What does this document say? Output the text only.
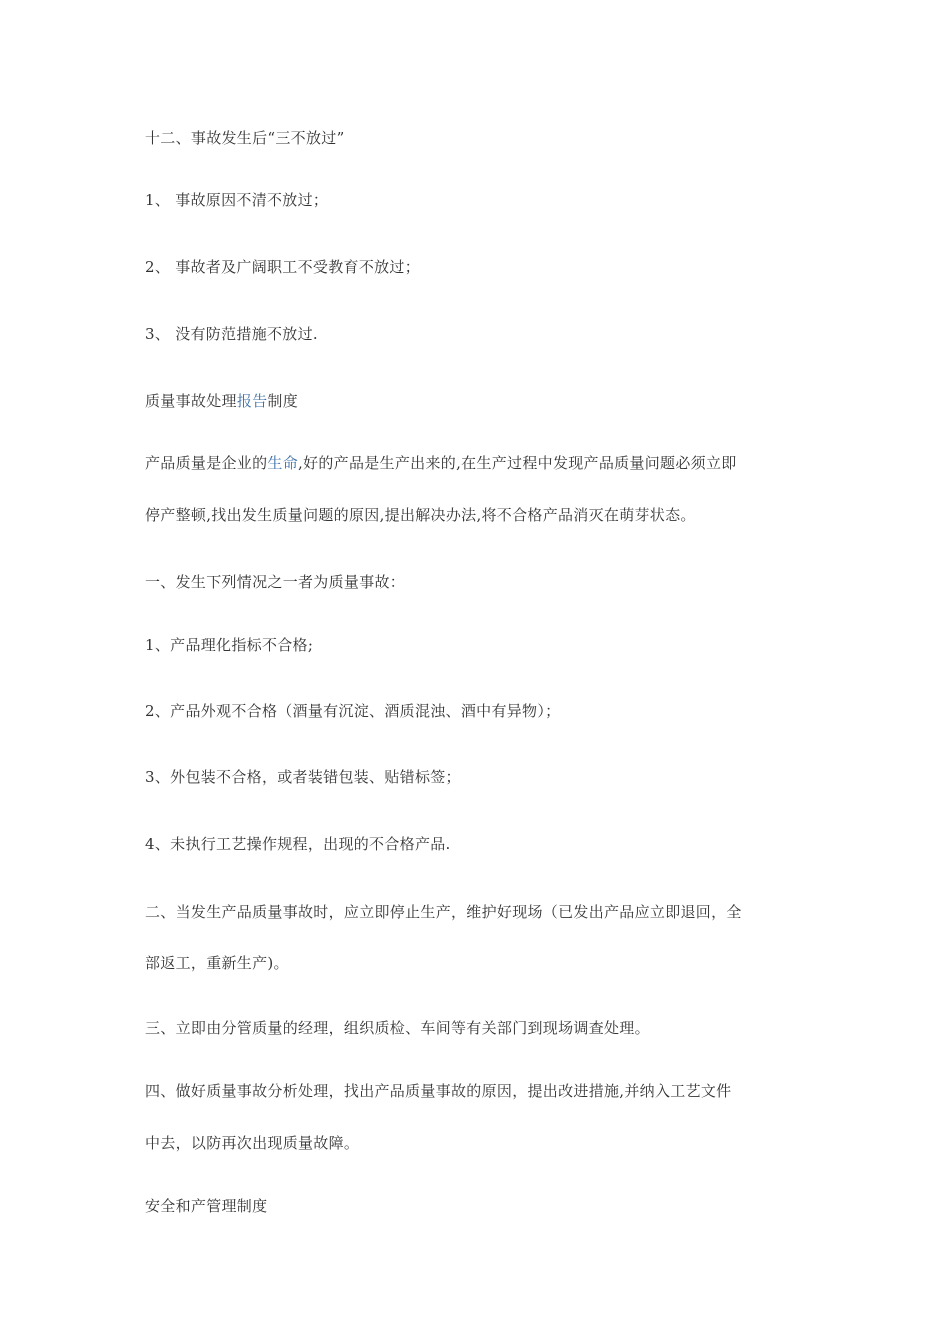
十二、事故发生后“三不放过”
1、 事故原因不清不放过；
2、 事故者及广阔职工不受教育不放过；
3、 没有防范措施不放过.
质量事故处理报告制度
产品质量是企业的生命,好的产品是生产出来的,在生产过程中发现产品质量问题必须立即
停产整顿,找出发生质量问题的原因,提出解决办法,将不合格产品消灭在萌芽状态。
一、发生下列情况之一者为质量事故：
1、产品理化指标不合格;
2、产品外观不合格（酒量有沉淀、酒质混浊、酒中有异物）；
3、外包装不合格，或者装错包装、贴错标签；
4、未执行工艺操作规程，出现的不合格产品.
二、当发生产品质量事故时，应立即停止生产，维护好现场（已发出产品应立即退回，全
部返工，重新生产)。
三、立即由分管质量的经理，组织质检、车间等有关部门到现场调查处理。
四、做好质量事故分析处理，找出产品质量事故的原因，提出改进措施,并纳入工艺文件
中去，以防再次出现质量故障。
安全和产管理制度
